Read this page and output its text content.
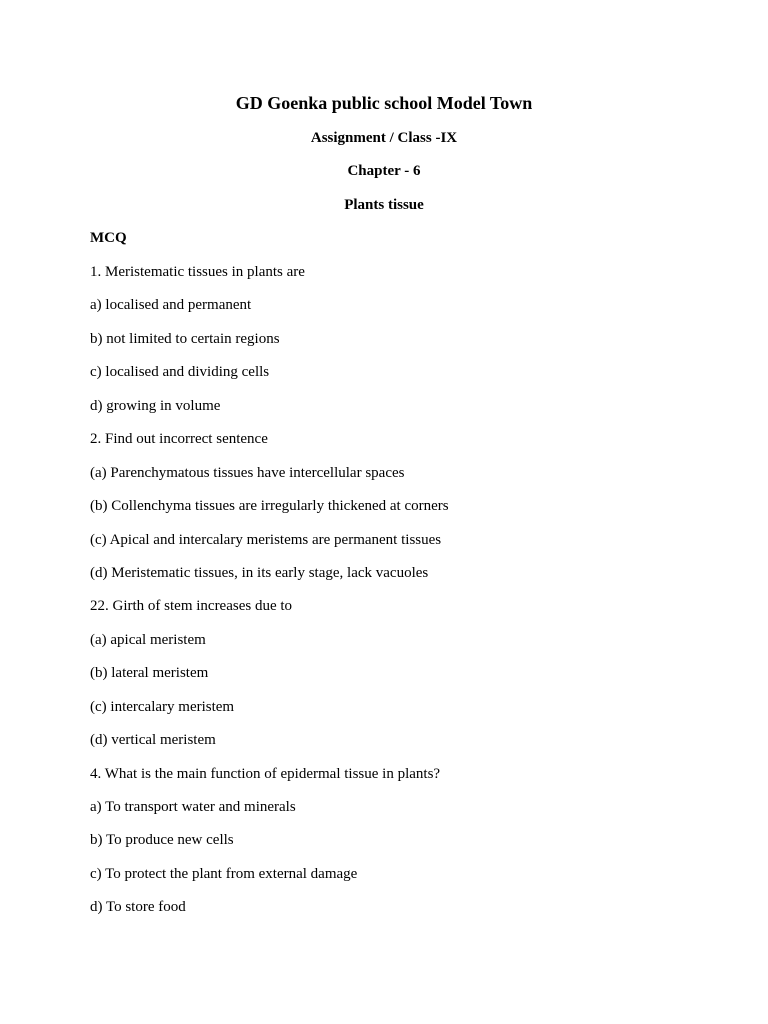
GD Goenka public school Model Town
Assignment / Class -IX
Chapter - 6
Plants tissue
MCQ
1. Meristematic tissues in plants are
a) localised and permanent
b) not limited to certain regions
c) localised and dividing cells
d) growing in volume
2. Find out incorrect sentence
(a) Parenchymatous tissues have intercellular spaces
(b) Collenchyma tissues are irregularly thickened at corners
(c) Apical and intercalary meristems are permanent tissues
(d) Meristematic tissues, in its early stage, lack vacuoles
22. Girth of stem increases due to
(a) apical meristem
(b) lateral meristem
(c) intercalary meristem
(d) vertical meristem
4. What is the main function of epidermal tissue in plants?
a) To transport water and minerals
b) To produce new cells
c) To protect the plant from external damage
d) To store food
